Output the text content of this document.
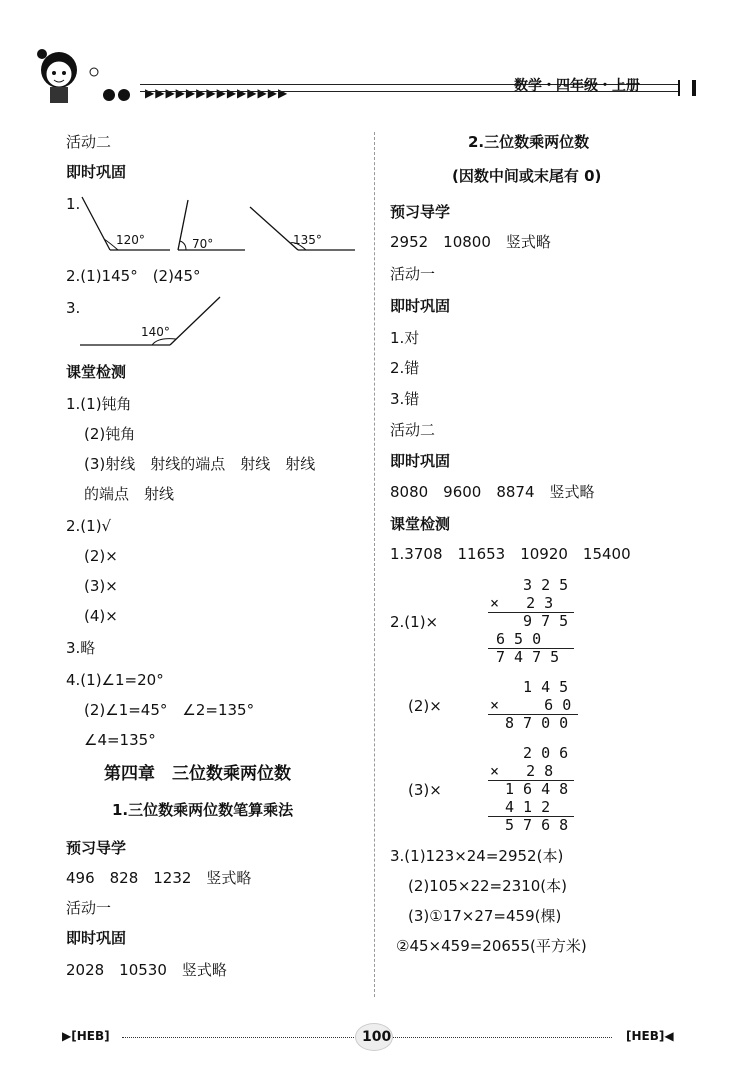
▶▶▶▶▶▶▶▶▶▶▶▶▶▶	数学・四年级・上册
活动二
即时巩固
1.
120°	70°	135°
2.(1)145°　(2)45°
3.
140°
课堂检测
1.(1)钝角
(2)钝角
(3)射线　射线的端点　射线　射线
的端点　射线
2.(1)√
(2)×
(3)×
(4)×
3.略
4.(1)∠1=20°
(2)∠1=45°　∠2=135°
∠4=135°
第四章　三位数乘两位数
1.三位数乘两位数笔算乘法
预习导学
496　828　1232　竖式略
活动一
即时巩固
2028　10530　竖式略
2.三位数乘两位数
(因数中间或末尾有 0)
预习导学
2952　10800　竖式略
活动一
即时巩固
1.对
2.错
3.错
活动二
即时巩固
8080　9600　8874　竖式略
课堂检测
1.3708　11653　10920　15400
2.(1)×
3 2 5
×   2 3
9 7 5
6 5 0
7 4 7 5
(2)×
1 4 5
×     6 0
8 7 0 0
(3)×
2 0 6
×   2 8
1 6 4 8
4 1 2
5 7 6 8
3.(1)123×24=2952(本)
(2)105×22=2310(本)
(3)①17×27=459(棵)
②45×459=20655(平方米)
▶[HEB]	100	[HEB]◀
